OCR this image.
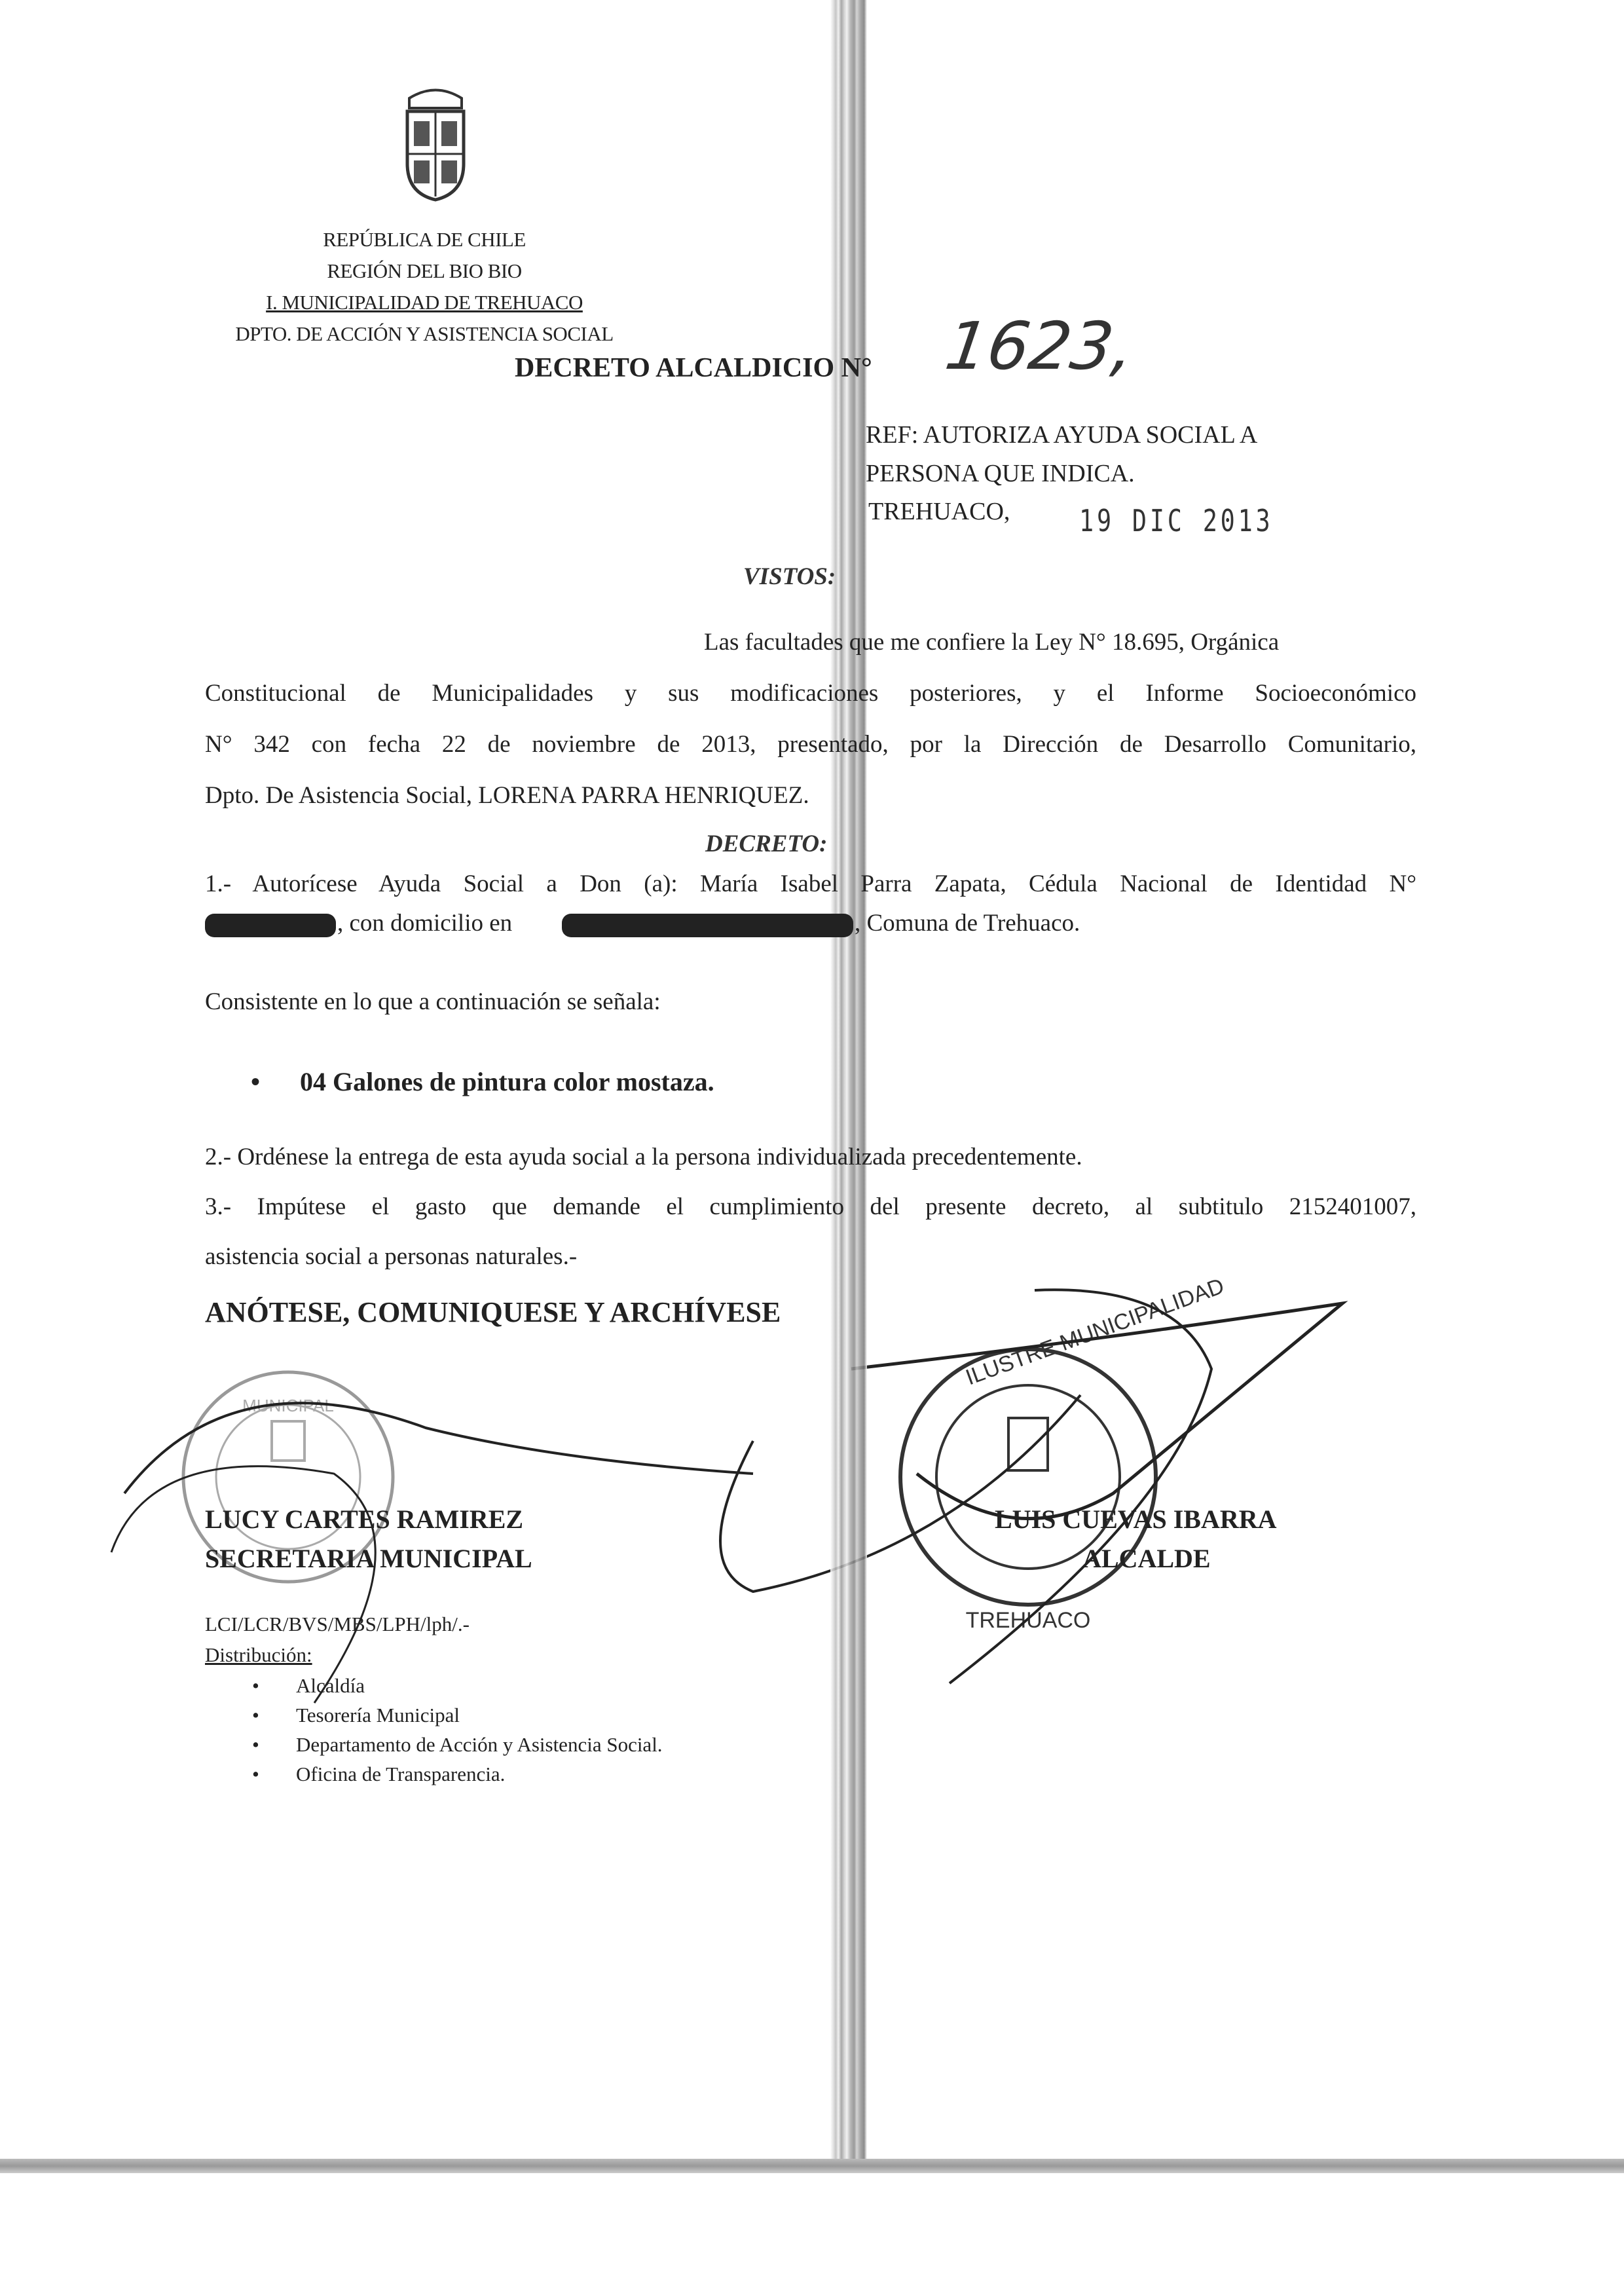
REPÚBLICA DE CHILE
REGIÓN DEL BIO BIO
I. MUNICIPALIDAD DE TREHUACO
DPTO. DE ACCIÓN Y ASISTENCIA SOCIAL
DECRETO ALCALDICIO N° 1623,
REF: AUTORIZA AYUDA SOCIAL A
PERSONA QUE INDICA.
TREHUACO, 19 DIC 2013
VISTOS:
Las facultades que me confiere la Ley N° 18.695, Orgánica
Constitucional de Municipalidades y sus modificaciones posteriores, y el Informe Socioeconómico
N° 342 con fecha 22 de noviembre de 2013, presentado, por la Dirección de Desarrollo Comunitario,
Dpto. De Asistencia Social, LORENA PARRA HENRIQUEZ.
DECRETO:
1.- Autorícese Ayuda Social a Don (a): María Isabel Parra Zapata, Cédula Nacional de Identidad N°
, con domicilio en	, Comuna de Trehuaco.
Consistente en lo que a continuación se señala:
• 04 Galones de pintura color mostaza.
2.- Ordénese la entrega de esta ayuda social a la persona individualizada precedentemente.
3.- Impútese el gasto que demande el cumplimiento del presente decreto, al subtitulo 2152401007,
asistencia social a personas naturales.-
ANÓTESE, COMUNIQUESE Y ARCHÍVESE
MUNICIPAL
ILUSTRE MUNICIPALIDAD
TREHUACO
LUCY CARTES RAMIREZ
SECRETARIA MUNICIPAL
LUIS CUEVAS IBARRA
ALCALDE
LCI/LCR/BVS/MBS/LPH/lph/.-
Distribución:
• Alcaldía
• Tesorería Municipal
• Departamento de Acción y Asistencia Social.
• Oficina de Transparencia.
